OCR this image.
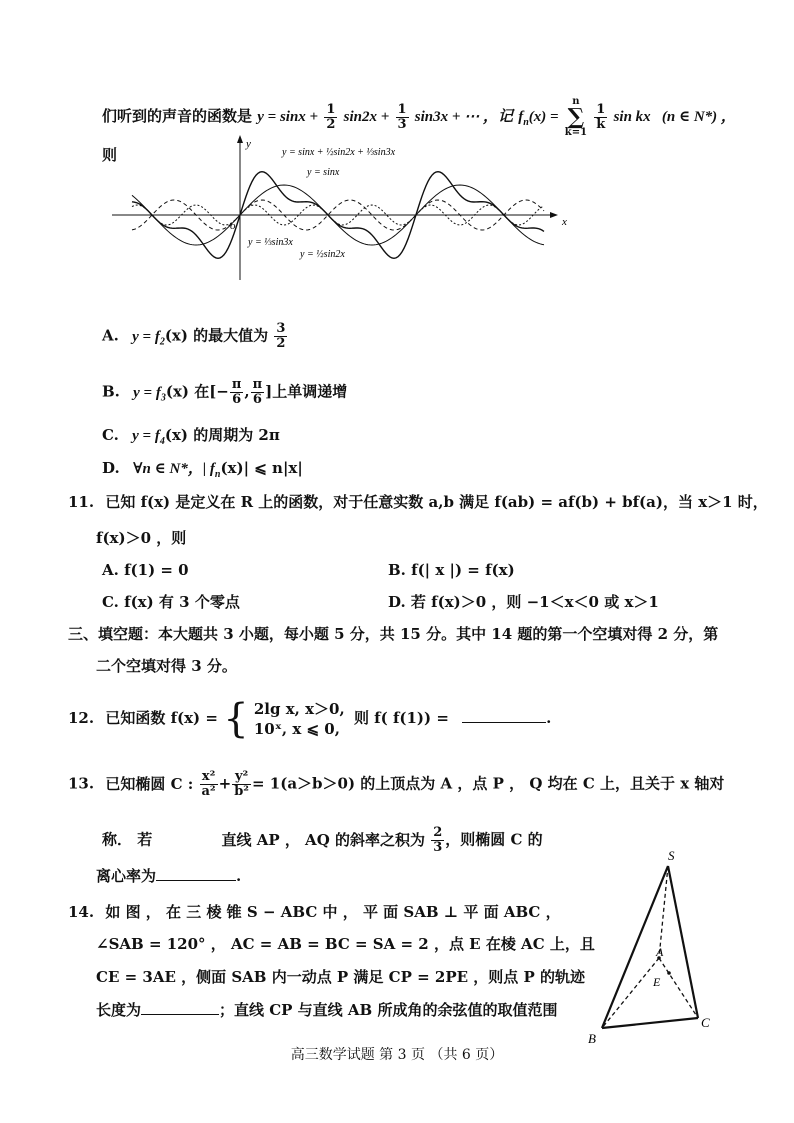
们听到的声音的函数是 $y = \sin x + \frac{1}{2} \sin 2x + \frac{1}{3} \sin 3x$ + ⋯ ，记 $f_n(x)$ =
n
∑
k=1

$\frac{1}{k}$ sin kx (n ∈ N*) ，
则
y
x
o
y = sinx + ½sin2x + ⅓sin3x
y = sinx
y = ⅓sin3x
y = ½sin2x
A. $y = f_2(x)$ 的最大值为 $\frac{3}{2}$
B. $y = f_3(x)$ 在[− $\frac{\pi}{6}$ , $\frac{\pi}{6}$ ]上单调递增
C. $y = f_4(x)$ 的周期为 2π
D. ∀n ∈ N*，| $f_n(x)|$ ⩽ n|x|
11. 已知 f(x) 是定义在 R 上的函数，对于任意实数 a,b 满足 f(ab) = af(b) + bf(a)，当 x＞1 时，
f(x)＞0 ，则
A. f(1) = 0	B. f(| x |) = f(x)
C. f(x) 有 3 个零点	D. 若 f(x)＞0 ，则 −1＜x＜0 或 x＞1
三、填空题：本大题共 3 小题，每小题 5 分，共 15 分。其中 14 题的第一个空填对得 2 分，第
二个空填对得 3 分。
12. 已知函数 f(x) = { 2lg x, x＞0,
10ˣ, x ⩽ 0,
则 f( f(1)) =	.
13. 已知椭圆 C : $\frac{\text{x²}}{\text{a²}} + \frac{\text{y²}}{\text{b²}} = 1(a>b>0)$ 的上顶点为 A ，点 P ， Q 均在 C 上，且关于 x 轴对
称． 若	直线 AP ， AQ 的斜率之积为 $\frac{2}{3}$ ，则椭圆 C 的
离心率为	.
14. 如 图 ， 在 三 棱 锥 S − ABC 中 ， 平 面 SAB ⊥ 平 面 ABC ，
∠SAB = 120° ， AC = AB = BC = SA = 2 ，点 E 在棱 AC 上，且
CE = 3AE ，侧面 SAB 内一动点 P 满足 CP = 2PE ，则点 P 的轨迹
长度为	；直线 CP 与直线 AB 所成角的余弦值的取值范围
S
A
E
B
C
高三数学试题 第 3 页 （共 6 页）
